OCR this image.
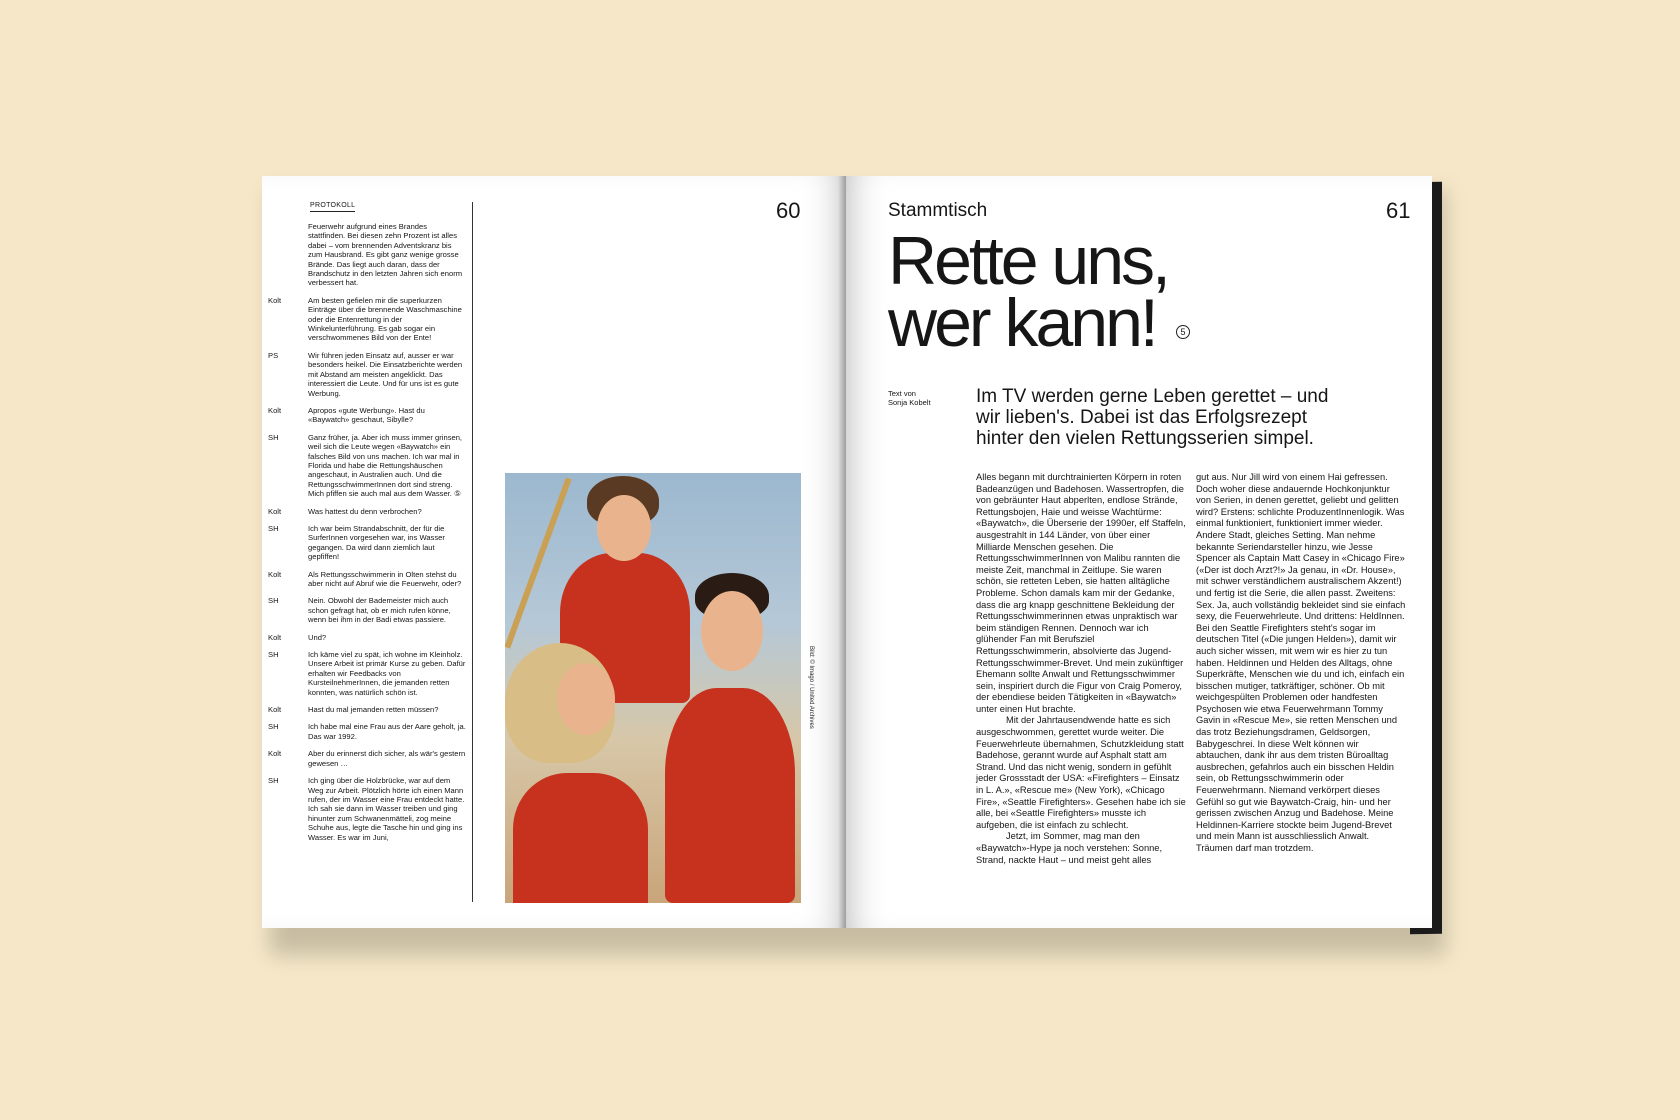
PROTOKOLL	60
Feuerwehr aufgrund eines Brandes stattfinden. Bei diesen zehn Prozent ist alles dabei – vom brennenden Adventskranz bis zum Hausbrand. Es gibt ganz wenige grosse Brände. Das liegt auch daran, dass der Brandschutz in den letzten Jahren sich enorm verbessert hat.
Kolt	Am besten gefielen mir die superkurzen Einträge über die brennende Waschmaschine oder die Entenrettung in der Winkelunterführung. Es gab sogar ein verschwommenes Bild von der Ente!
PS	Wir führen jeden Einsatz auf, ausser er war besonders heikel. Die Einsatzberichte werden mit Abstand am meisten angeklickt. Das interessiert die Leute. Und für uns ist es gute Werbung.
Kolt	Apropos «gute Werbung». Hast du «Baywatch» geschaut, Sibylle?
SH	Ganz früher, ja. Aber ich muss immer grinsen, weil sich die Leute wegen «Baywatch» ein falsches Bild von uns machen. Ich war mal in Florida und habe die Rettungshäuschen angeschaut, in Australien auch. Und die RettungsschwimmerInnen dort sind streng. Mich pfiffen sie auch mal aus dem Wasser. ⑤
Kolt	Was hattest du denn verbrochen?
SH	Ich war beim Strandabschnitt, der für die SurferInnen vorgesehen war, ins Wasser gegangen. Da wird dann ziemlich laut gepfiffen!
Kolt	Als Rettungsschwimmerin in Olten stehst du aber nicht auf Abruf wie die Feuerwehr, oder?
SH	Nein. Obwohl der Bademeister mich auch schon gefragt hat, ob er mich rufen könne, wenn bei ihm in der Badi etwas passiere.
Kolt	Und?
SH	Ich käme viel zu spät, ich wohne im Kleinholz. Unsere Arbeit ist primär Kurse zu geben. Dafür erhalten wir Feedbacks von KursteilnehmerInnen, die jemanden retten konnten, was natürlich schön ist.
Kolt	Hast du mal jemanden retten müssen?
SH	Ich habe mal eine Frau aus der Aare geholt, ja. Das war 1992.
Kolt	Aber du erinnerst dich sicher, als wär's gestern gewesen …
SH	Ich ging über die Holzbrücke, war auf dem Weg zur Arbeit. Plötzlich hörte ich einen Mann rufen, der im Wasser eine Frau entdeckt hatte. Ich sah sie dann im Wasser treiben und ging hinunter zum Schwanenmätteli, zog meine Schuhe aus, legte die Tasche hin und ging ins Wasser. Es war im Juni,
Bild: © Imago / United Archives
Stammtisch	61
Rette uns,
wer kann!	5
Text von
Sonja Kobelt Im TV werden gerne Leben gerettet – und wir lieben's. Dabei ist das Erfolgsrezept hinter den vielen Rettungsserien simpel.

Alles begann mit durchtrainierten Körpern in roten Badeanzügen und Badehosen. Wassertropfen, die von gebräunter Haut abperlten, endlose Strände, Rettungsbojen, Haie und weisse Wachtürme: «Baywatch», die Überserie der 1990er, elf Staffeln, ausgestrahlt in 144 Länder, von über einer Milliarde Menschen gesehen. Die RettungsschwimmerInnen von Malibu rannten die meiste Zeit, manchmal in Zeitlupe. Sie waren schön, sie retteten Leben, sie hatten alltägliche Probleme. Schon damals kam mir der Gedanke, dass die arg knapp geschnittene Bekleidung der Rettungsschwimmerinnen etwas unpraktisch war beim ständigen Rennen. Dennoch war ich glühender Fan mit Berufsziel Rettungsschwimmerin, absolvierte das Jugend-Rettungsschwimmer-Brevet. Und mein zukünftiger Ehemann sollte Anwalt und Rettungsschwimmer sein, inspiriert durch die Figur von Craig Pomeroy, der ebendiese beiden Tätigkeiten in «Baywatch» unter einen Hut brachte.

Mit der Jahrtausendwende hatte es sich ausgeschwommen, gerettet wurde weiter. Die Feuerwehrleute übernahmen, Schutzkleidung statt Badehose, gerannt wurde auf Asphalt statt am Strand. Und das nicht wenig, sondern in gefühlt jeder Grossstadt der USA: «Firefighters – Einsatz in L. A.», «Rescue me» (New York), «Chicago Fire», «Seattle Firefighters». Gesehen habe ich sie alle, bei «Seattle Firefighters» musste ich aufgeben, die ist einfach zu schlecht.

Jetzt, im Sommer, mag man den «Baywatch»-Hype ja noch verstehen: Sonne, Strand, nackte Haut – und meist geht alles

gut aus. Nur Jill wird von einem Hai gefressen. Doch woher diese andauernde Hochkonjunktur von Serien, in denen gerettet, geliebt und gelitten wird? Erstens: schlichte ProduzentInnenlogik. Was einmal funktioniert, funktioniert immer wieder. Andere Stadt, gleiches Setting. Man nehme bekannte Seriendarsteller hinzu, wie Jesse Spencer als Captain Matt Casey in «Chicago Fire» («Der ist doch Arzt?!» Ja genau, in «Dr. House», mit schwer verständlichem australischem Akzent!) und fertig ist die Serie, die allen passt. Zweitens: Sex. Ja, auch vollständig bekleidet sind sie einfach sexy, die Feuerwehrleute. Und drittens: HeldInnen. Bei den Seattle Firefighters steht's sogar im deutschen Titel («Die jungen Helden»), damit wir auch sicher wissen, mit wem wir es hier zu tun haben. Heldinnen und Helden des Alltags, ohne Superkräfte, Menschen wie du und ich, einfach ein bisschen mutiger, tatkräftiger, schöner. Ob mit weichgespülten Problemen oder handfesten Psychosen wie etwa Feuerwehrmann Tommy Gavin in «Rescue Me», sie retten Menschen und das trotz Beziehungsdramen, Geldsorgen, Babygeschrei. In diese Welt können wir abtauchen, dank ihr aus dem tristen Büroalltag ausbrechen, gefahrlos auch ein bisschen Heldin sein, ob Rettungsschwimmerin oder Feuerwehrmann. Niemand verkörpert dieses Gefühl so gut wie Baywatch-Craig, hin- und her gerissen zwischen Anzug und Badehose. Meine Heldinnen-Karriere stockte beim Jugend-Brevet und mein Mann ist ausschliesslich Anwalt. Träumen darf man trotzdem.
